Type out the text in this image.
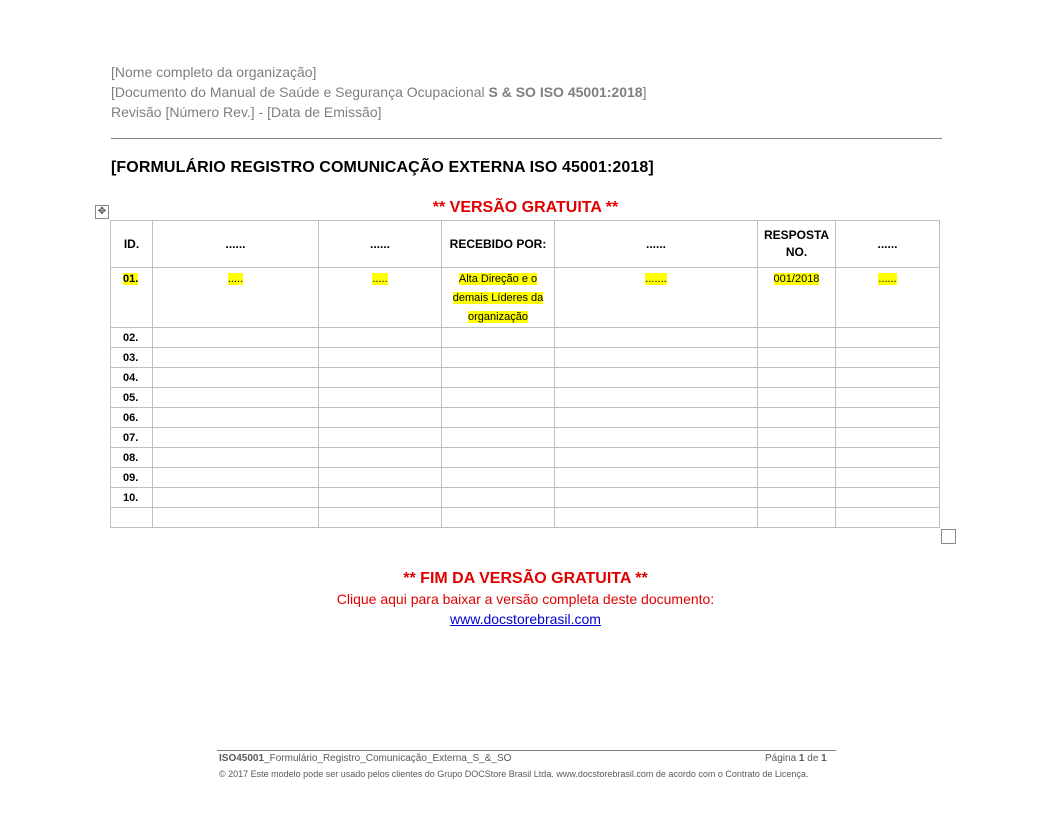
[Nome completo da organização]
[Documento do Manual de Saúde e Segurança Ocupacional S & SO ISO 45001:2018]
Revisão [Número Rev.] - [Data de Emissão]
[FORMULÁRIO REGISTRO COMUNICAÇÃO EXTERNA ISO 45001:2018]
✥	** VERSÃO GRATUITA **
ID.	......	......	RECEBIDO POR:	......	RESPOSTA NO.	......
01.	.....	.....	Alta Direção e o demais Líderes da organização	.......	001/2018	......
02.						
03.						
04.						
05.						
06.						
07.						
08.						
09.						
10.						

** FIM DA VERSÃO GRATUITA **
Clique aqui para baixar a versão completa deste documento:
www.docstorebrasil.com
ISO45001_Formulário_Registro_Comunicação_Externa_S_&_SO	Página 1 de 1
© 2017 Este modelo pode ser usado pelos clientes do Grupo DOCStore Brasil Ltda. www.docstorebrasil.com de acordo com o Contrato de Licença.
